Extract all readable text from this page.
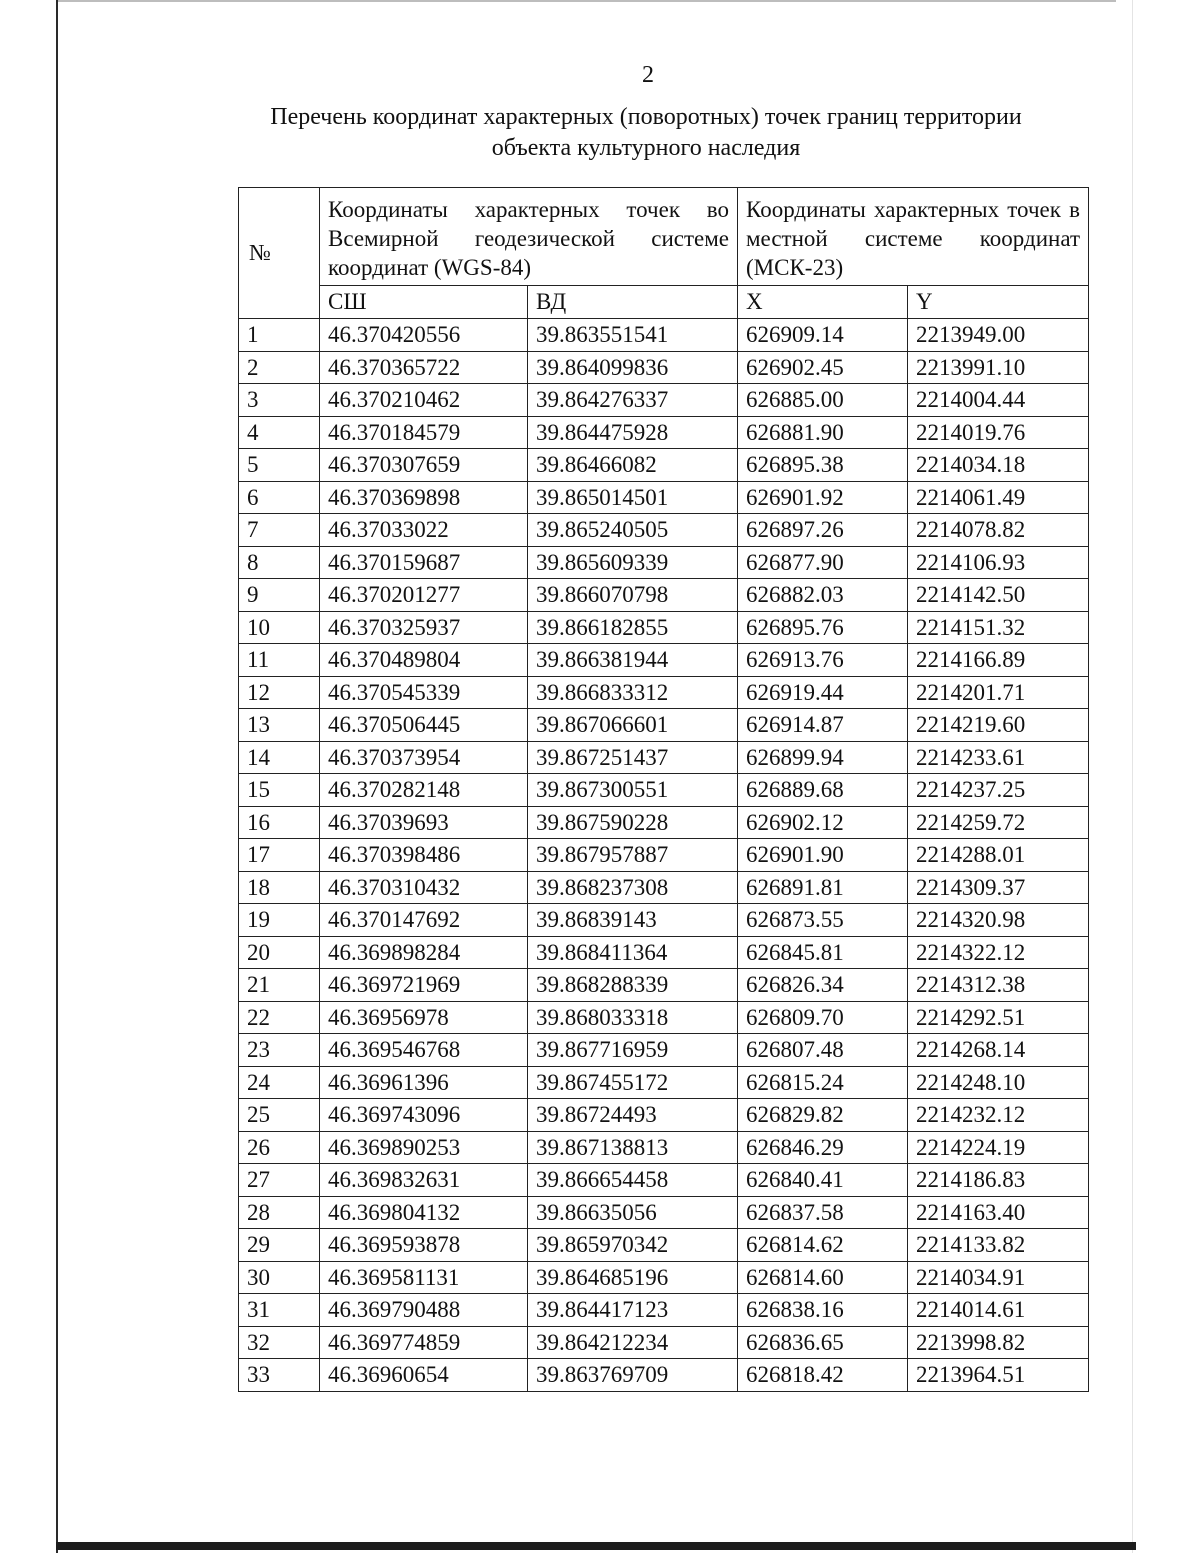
2
Перечень координат характерных (поворотных) точек границ территории
объекта культурного наследия
№	Координаты характерных точек во Всемирной геодезической системе координат (WGS-84)		Координаты характерных точек в местной системе координат (МСК-23)	
	СШ	ВД	X	Y
1	46.370420556	39.863551541	626909.14	2213949.00
2	46.370365722	39.864099836	626902.45	2213991.10
3	46.370210462	39.864276337	626885.00	2214004.44
4	46.370184579	39.864475928	626881.90	2214019.76
5	46.370307659	39.86466082	626895.38	2214034.18
6	46.370369898	39.865014501	626901.92	2214061.49
7	46.37033022	39.865240505	626897.26	2214078.82
8	46.370159687	39.865609339	626877.90	2214106.93
9	46.370201277	39.866070798	626882.03	2214142.50
10	46.370325937	39.866182855	626895.76	2214151.32
11	46.370489804	39.866381944	626913.76	2214166.89
12	46.370545339	39.866833312	626919.44	2214201.71
13	46.370506445	39.867066601	626914.87	2214219.60
14	46.370373954	39.867251437	626899.94	2214233.61
15	46.370282148	39.867300551	626889.68	2214237.25
16	46.37039693	39.867590228	626902.12	2214259.72
17	46.370398486	39.867957887	626901.90	2214288.01
18	46.370310432	39.868237308	626891.81	2214309.37
19	46.370147692	39.86839143	626873.55	2214320.98
20	46.369898284	39.868411364	626845.81	2214322.12
21	46.369721969	39.868288339	626826.34	2214312.38
22	46.36956978	39.868033318	626809.70	2214292.51
23	46.369546768	39.867716959	626807.48	2214268.14
24	46.36961396	39.867455172	626815.24	2214248.10
25	46.369743096	39.86724493	626829.82	2214232.12
26	46.369890253	39.867138813	626846.29	2214224.19
27	46.369832631	39.866654458	626840.41	2214186.83
28	46.369804132	39.86635056	626837.58	2214163.40
29	46.369593878	39.865970342	626814.62	2214133.82
30	46.369581131	39.864685196	626814.60	2214034.91
31	46.369790488	39.864417123	626838.16	2214014.61
32	46.369774859	39.864212234	626836.65	2213998.82
33	46.36960654	39.863769709	626818.42	2213964.51
